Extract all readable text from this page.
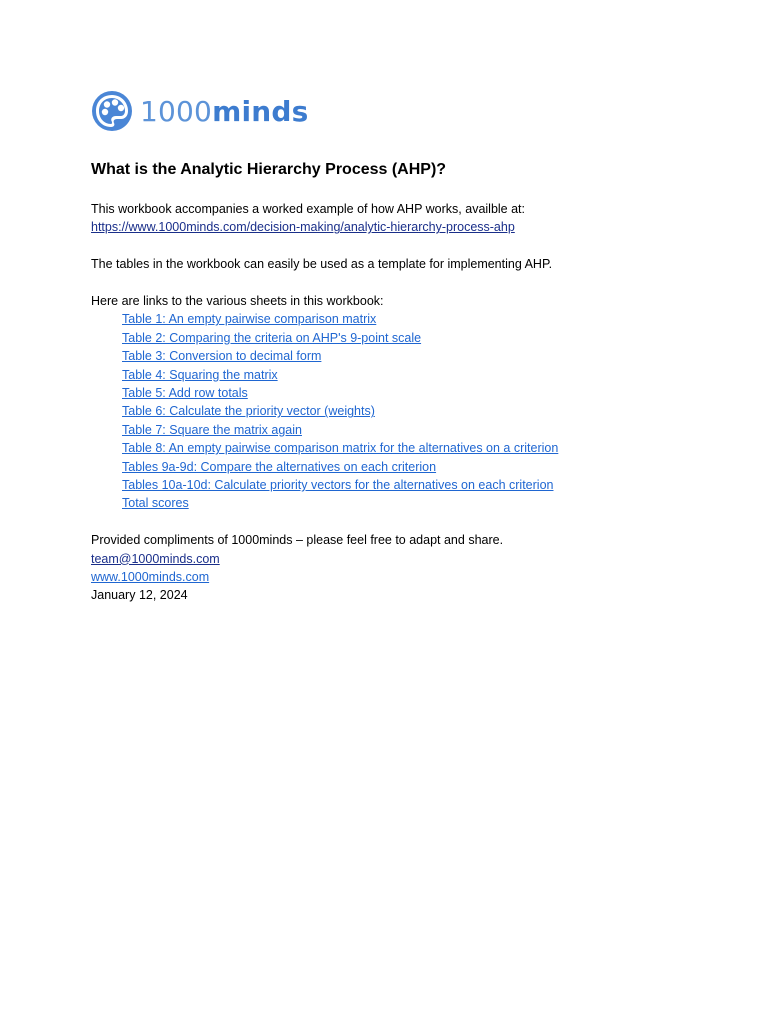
1000minds
What is the Analytic Hierarchy Process (AHP)?

This workbook accompanies a worked example of how AHP works, availble at:

https://www.1000minds.com/decision-making/analytic-hierarchy-process-ahp

The tables in the workbook can easily be used as a template for implementing AHP.

Here are links to the various sheets in this workbook:

Table 1: An empty pairwise comparison matrix

Table 2: Comparing the criteria on AHP's 9-point scale

Table 3: Conversion to decimal form

Table 4: Squaring the matrix

Table 5: Add row totals

Table 6: Calculate the priority vector (weights)

Table 7: Square the matrix again

Table 8: An empty pairwise comparison matrix for the alternatives on a criterion

Tables 9a-9d: Compare the alternatives on each criterion

Tables 10a-10d: Calculate priority vectors for the alternatives on each criterion

Total scores

Provided compliments of 1000minds – please feel free to adapt and share.

team@1000minds.com

www.1000minds.com

January 12, 2024
